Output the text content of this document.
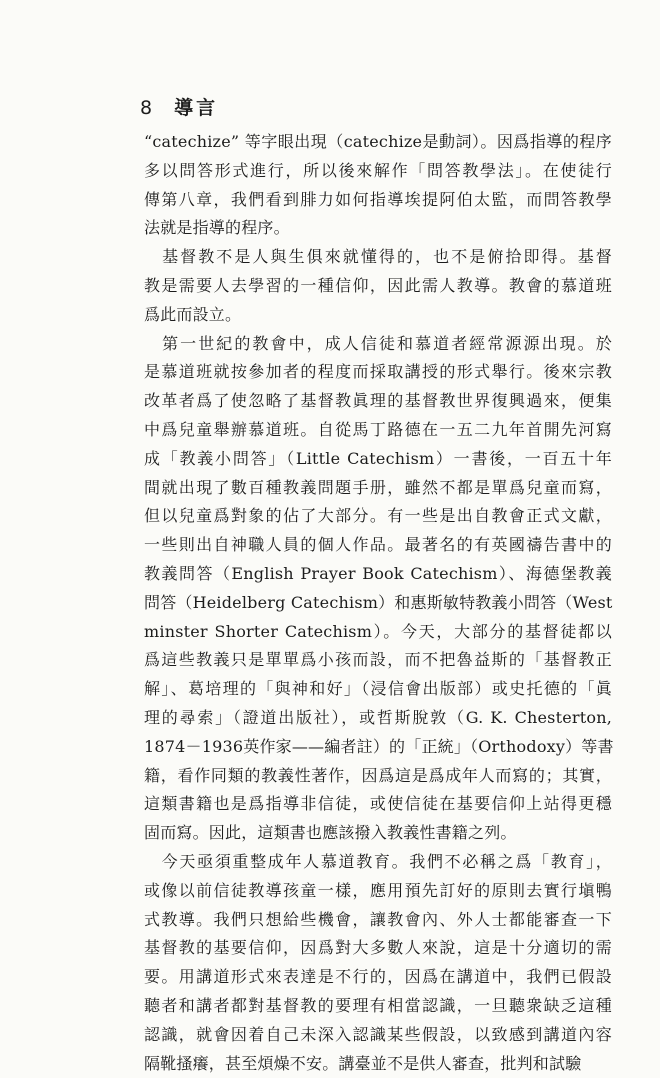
8 導言
“catechize” 等字眼出現（catechize是動詞）。因爲指導的程序
多以問答形式進行，所以後來解作「問答教學法」。在使徒行
傳第八章，我們看到腓力如何指導埃提阿伯太監，而問答教學
法就是指導的程序。
　基督教不是人與生俱來就懂得的，也不是俯拾即得。基督
教是需要人去學習的一種信仰，因此需人教導。教會的慕道班
爲此而設立。
　第一世紀的教會中，成人信徒和慕道者經常源源出現。於
是慕道班就按參加者的程度而採取講授的形式舉行。後來宗教
改革者爲了使忽略了基督教眞理的基督教世界復興過來，便集
中爲兒童舉辦慕道班。自從馬丁路德在一五二九年首開先河寫
成「教義小問答」（Little Catechism）一書後，一百五十年
間就出現了數百種教義問題手册，雖然不都是單爲兒童而寫，
但以兒童爲對象的佔了大部分。有一些是出自教會正式文獻，
一些則出自神職人員的個人作品。最著名的有英國禱告書中的
教義問答（English Prayer Book Catechism）、海德堡教義
問答（Heidelberg Catechism）和惠斯敏特教義小問答（West
minster Shorter Catechism）。今天，大部分的基督徒都以
爲這些教義只是單單爲小孩而設，而不把魯益斯的「基督教正
解」、葛培理的「與神和好」（浸信會出版部）或史托德的「眞
理的尋索」（證道出版社），或哲斯脫敦（G. K. Chesterton,
1874－1936英作家——編者註）的「正統」（Orthodoxy）等書
籍，看作同類的教義性著作，因爲這是爲成年人而寫的；其實，
這類書籍也是爲指導非信徒，或使信徒在基要信仰上站得更穩
固而寫。因此，這類書也應該撥入教義性書籍之列。
　今天亟須重整成年人慕道教育。我們不必稱之爲「教育」，
或像以前信徒教導孩童一樣，應用預先訂好的原則去實行塡鴨
式教導。我們只想給些機會，讓教會內、外人士都能審查一下
基督教的基要信仰，因爲對大多數人來說，這是十分適切的需
要。用講道形式來表達是不行的，因爲在講道中，我們已假設
聽者和講者都對基督教的要理有相當認識，一旦聽衆缺乏這種
認識，就會因着自己未深入認識某些假設，以致感到講道內容
隔靴搔癢，甚至煩燥不安。講臺並不是供人審查，批判和試驗
